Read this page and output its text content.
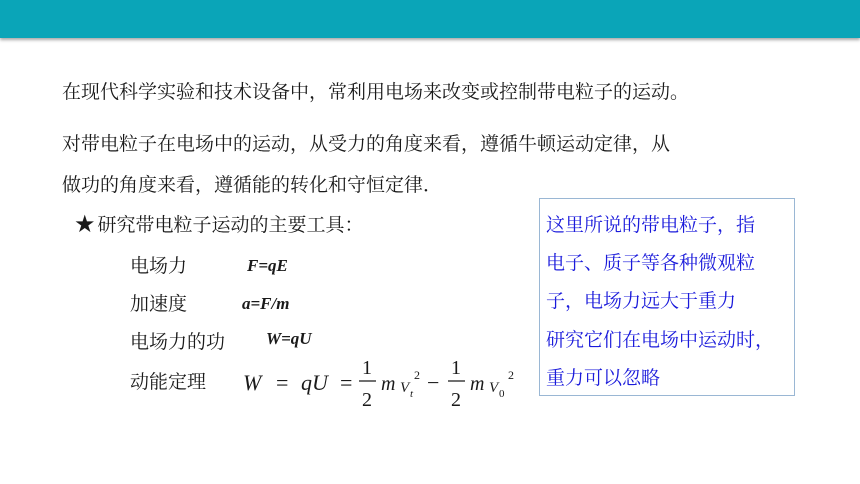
在现代科学实验和技术设备中，常利用电场来改变或控制带电粒子的运动。
对带电粒子在电场中的运动，从受力的角度来看，遵循牛顿运动定律，从
做功的角度来看，遵循能的转化和守恒定律．
★ 研究带电粒子运动的主要工具：
电场力	F=qE
加速度	a=F/m
电场力的功 W=qU
动能定理 W = qU =
1
2
m V t
2 −
1
2
m V 0
2
这里所说的带电粒子，指
电子、质子等各种微观粒
子，电场力远大于重力
研究它们在电场中运动时，
重力可以忽略
